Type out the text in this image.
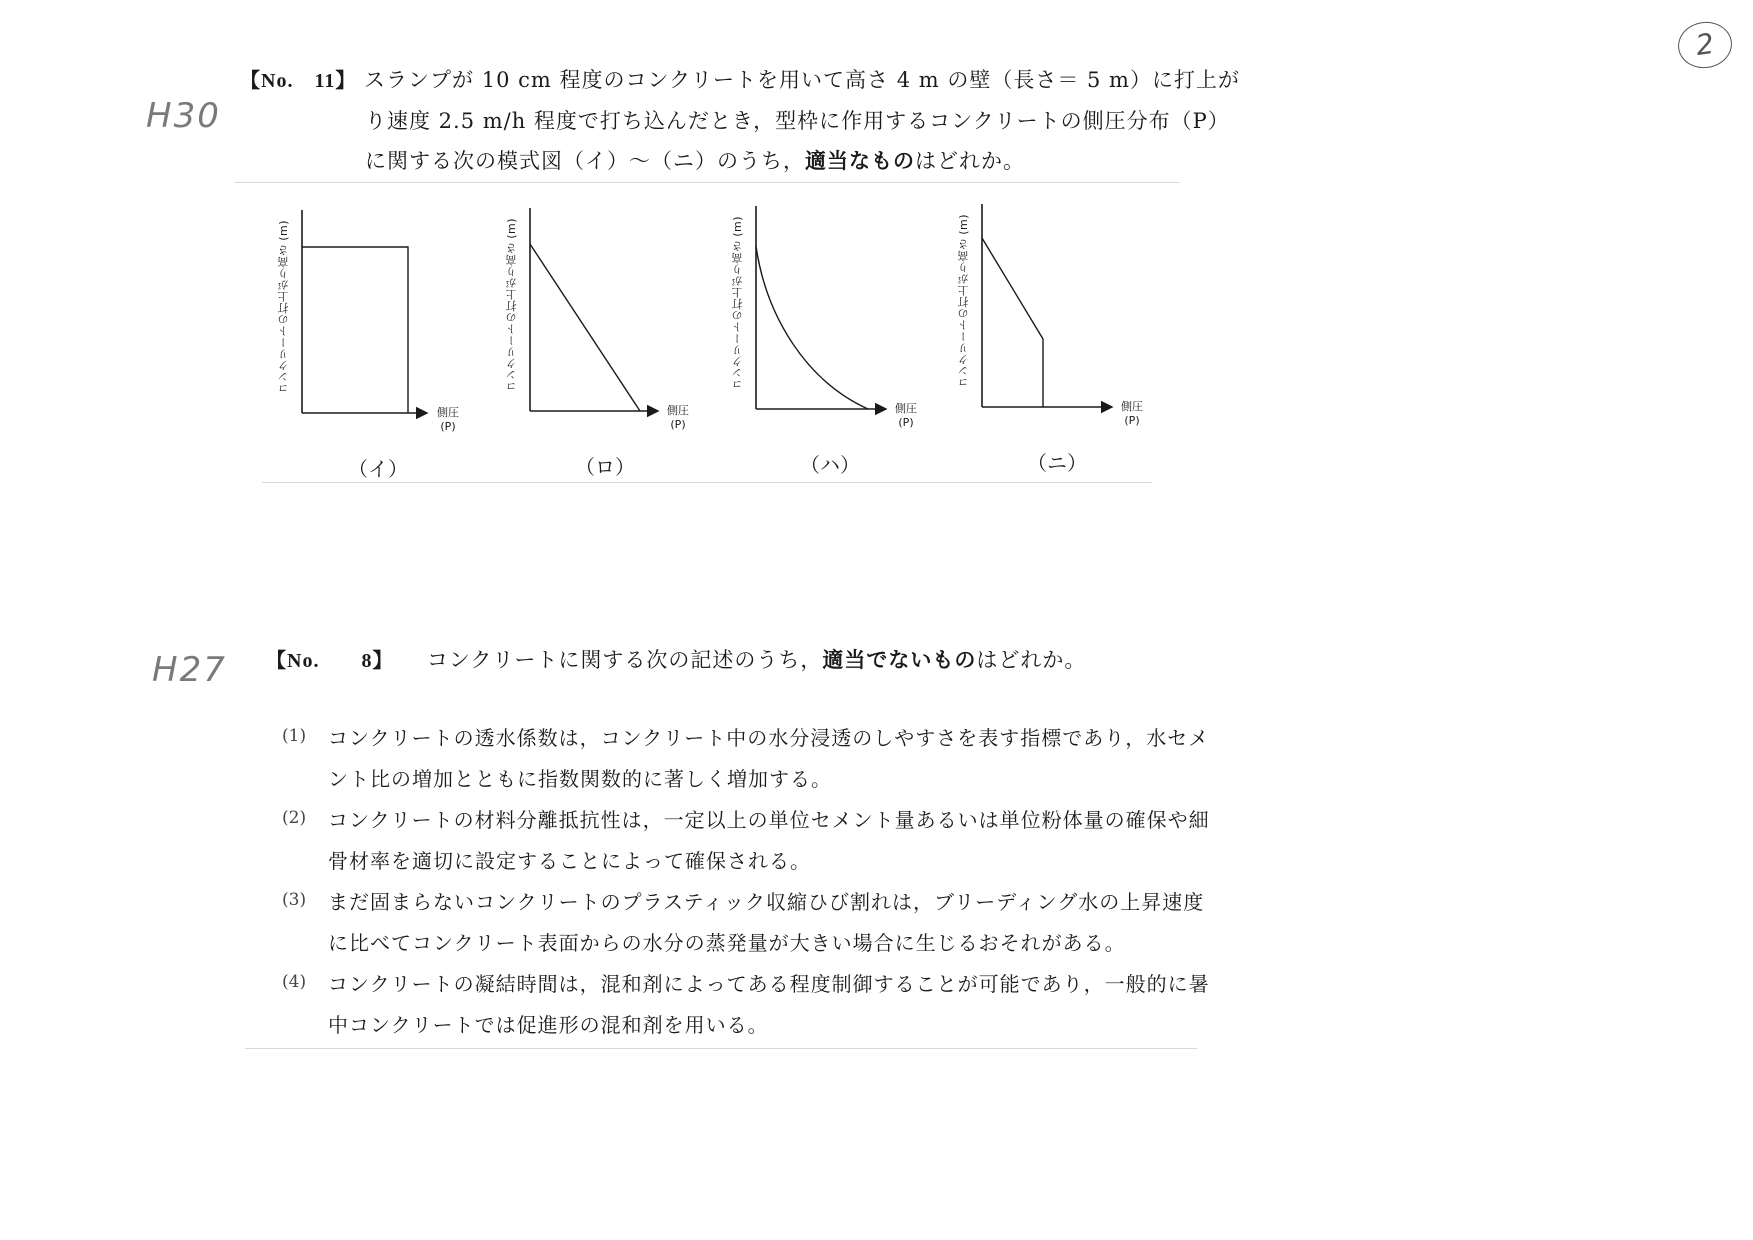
2
H30
【No.　11】 スランプが 10 cm 程度のコンクリートを用いて高さ 4 m の壁（長さ＝ 5 m）に打上が
り速度 2.5 m/h 程度で打ち込んだとき，型枠に作用するコンクリートの側圧分布（P）
に関する次の模式図（イ）～（ニ）のうち，適当なものはどれか。
コンクリートの打上がり高さ (m)	コンクリートの打上がり高さ (m)	コンクリートの打上がり高さ (m)	コンクリートの打上がり高さ (m)
側圧
(P)
側圧
(P)
側圧
(P)
側圧
(P)
（イ）	（ロ）	（ハ）	（ニ）
H27 【No.　　8】 コンクリートに関する次の記述のうち，適当でないものはどれか。
(1) コンクリートの透水係数は，コンクリート中の水分浸透のしやすさを表す指標であり，水セメ
ント比の増加とともに指数関数的に著しく増加する。
(2) コンクリートの材料分離抵抗性は，一定以上の単位セメント量あるいは単位粉体量の確保や細
骨材率を適切に設定することによって確保される。
(3) まだ固まらないコンクリートのプラスティック収縮ひび割れは，ブリーディング水の上昇速度
に比べてコンクリート表面からの水分の蒸発量が大きい場合に生じるおそれがある。
(4) コンクリートの凝結時間は，混和剤によってある程度制御することが可能であり，一般的に暑
中コンクリートでは促進形の混和剤を用いる。
